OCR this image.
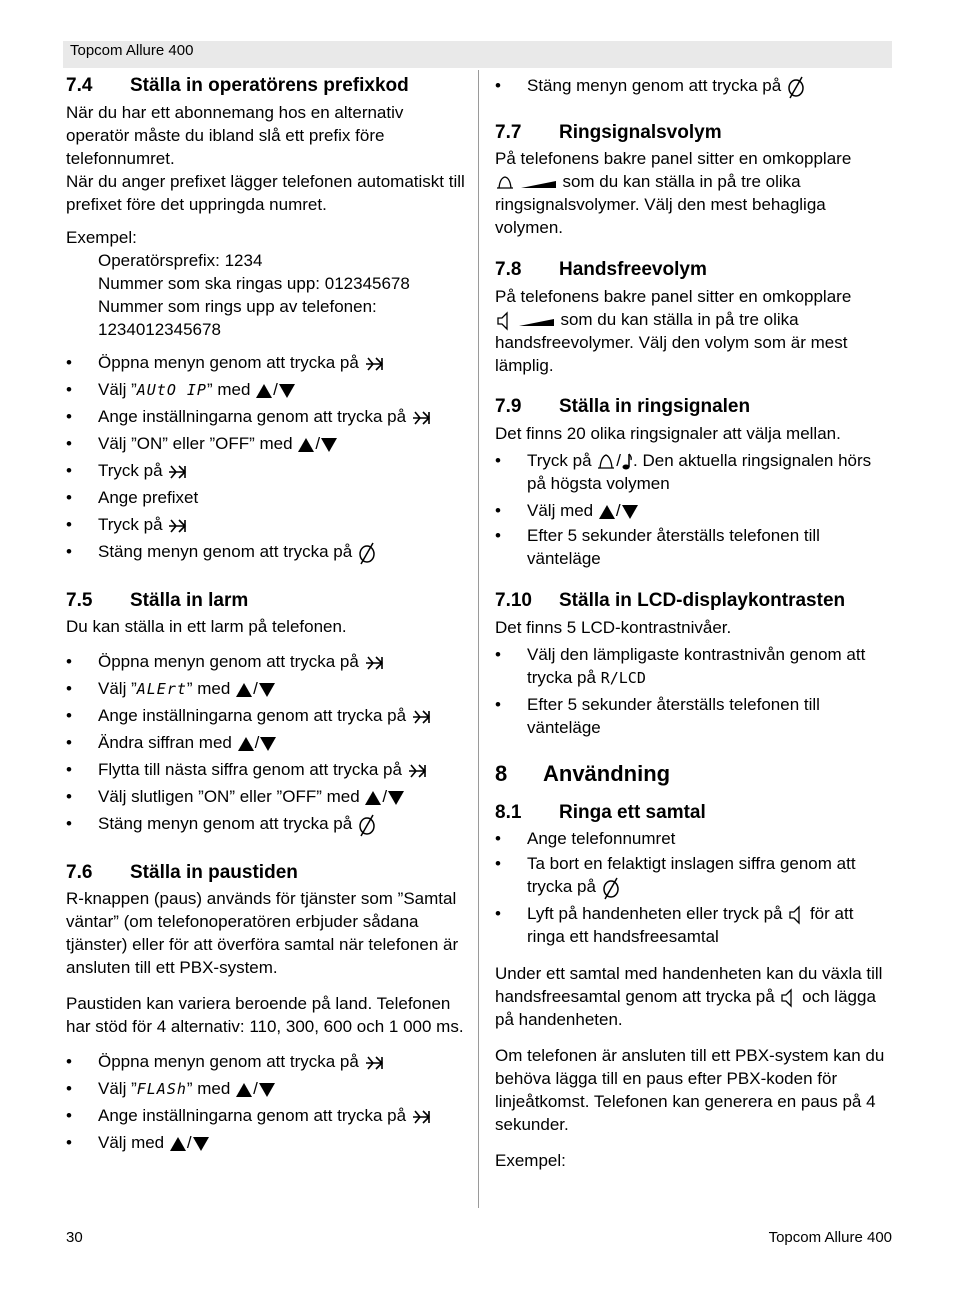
Topcom Allure 400
7.4 Ställa in operatörens prefixkod

När du har ett abonnemang hos en alternativ operatör måste du ibland slå ett prefix före telefonnumret.

När du anger prefixet lägger telefonen automatiskt till prefixet före det uppringda numret.

Exempel:

Operatörsprefix: 1234

Nummer som ska ringas upp: 012345678

Nummer som rings upp av telefonen:

1234012345678

• Öppna menyn genom att trycka på
• Välj ”AUtO IP” med /
• Ange inställningarna genom att trycka på
• Välj ”ON” eller ”OFF” med /
• Tryck på
• Ange prefixet
• Tryck på
• Stäng menyn genom att trycka på
7.5 Ställa in larm

Du kan ställa in ett larm på telefonen.

• Öppna menyn genom att trycka på
• Välj ”ALErt” med /
• Ange inställningarna genom att trycka på
• Ändra siffran med /
• Flytta till nästa siffra genom att trycka på
• Välj slutligen ”ON” eller ”OFF” med /
• Stäng menyn genom att trycka på
7.6 Ställa in paustiden

R-knappen (paus) används för tjänster som ”Samtal väntar” (om telefonoperatören erbjuder sådana tjänster) eller för att överföra samtal när telefonen är ansluten till ett PBX-system.

Paustiden kan variera beroende på land. Telefonen har stöd för 4 alternativ: 110, 300, 600 och 1 000 ms.

• Öppna menyn genom att trycka på
• Välj ”FLASh” med /
• Ange inställningarna genom att trycka på
• Välj med /
• Stäng menyn genom att trycka på
7.7 Ringsignalsvolym

På telefonens bakre panel sitter en omkopplare

som du kan ställa in på tre olika ringsignalsvolymer. Välj den mest behagliga volymen.

7.8 Handsfreevolym

På telefonens bakre panel sitter en omkopplare

som du kan ställa in på tre olika handsfreevolymer. Välj den volym som är mest lämplig.

7.9 Ställa in ringsignalen

Det finns 20 olika ringsignaler att välja mellan.

• Tryck på / . Den aktuella ringsignalen hörs på högsta volymen
• Välj med /
• Efter 5 sekunder återställs telefonen till vänteläge
7.10 Ställa in LCD-displaykontrasten

Det finns 5 LCD-kontrastnivåer.

• Välj den lämpligaste kontrastnivån genom att trycka på R/LCD
• Efter 5 sekunder återställs telefonen till vänteläge
8 Användning
8.1 Ringa ett samtal
• Ange telefonnumret
• Ta bort en felaktigt inslagen siffra genom att trycka på
• Lyft på handenheten eller tryck på för att ringa ett handsfreesamtal

Under ett samtal med handenheten kan du växla till handsfreesamtal genom att trycka på och lägga på handenheten.

Om telefonen är ansluten till ett PBX-system kan du behöva lägga till en paus efter PBX-koden för linjeåtkomst. Telefonen kan generera en paus på 4 sekunder.

Exempel:

30	Topcom Allure 400
